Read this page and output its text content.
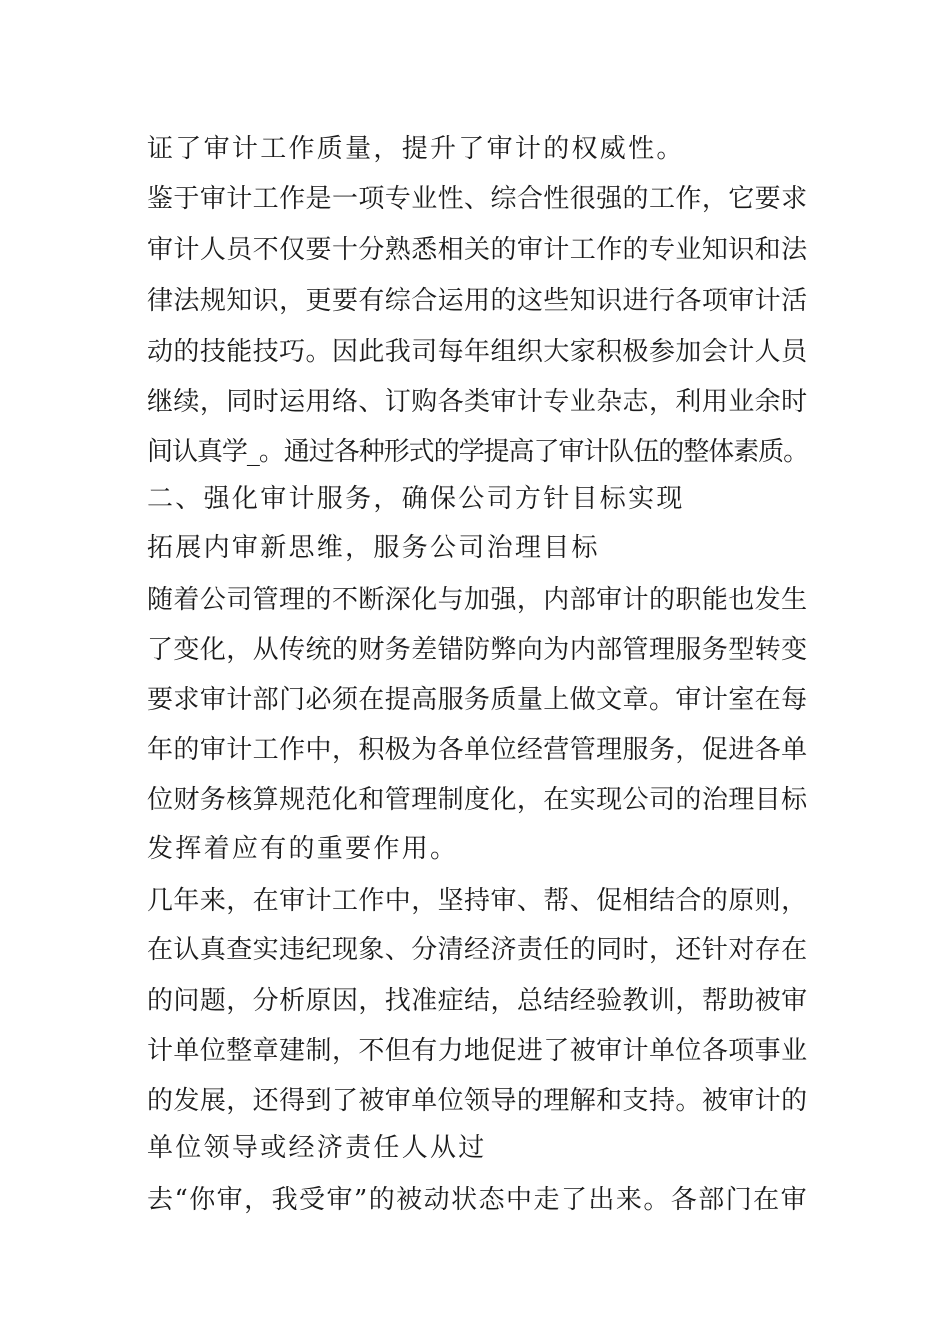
证了审计工作质量，提升了审计的权威性。
鉴于审计工作是一项专业性、综合性很强的工作，它要求
审计人员不仅要十分熟悉相关的审计工作的专业知识和法
律法规知识，更要有综合运用的这些知识进行各项审计活
动的技能技巧。因此我司每年组织大家积极参加会计人员
继续，同时运用络、订购各类审计专业杂志，利用业余时
间认真学_。通过各种形式的学提高了审计队伍的整体素质。
二、强化审计服务，确保公司方针目标实现
拓展内审新思维，服务公司治理目标
随着公司管理的不断深化与加强，内部审计的职能也发生
了变化，从传统的财务差错防弊向为内部管理服务型转变
要求审计部门必须在提高服务质量上做文章。审计室在每
年的审计工作中，积极为各单位经营管理服务，促进各单
位财务核算规范化和管理制度化，在实现公司的治理目标
发挥着应有的重要作用。
几年来，在审计工作中，坚持审、帮、促相结合的原则，
在认真查实违纪现象、分清经济责任的同时，还针对存在
的问题，分析原因，找准症结，总结经验教训，帮助被审
计单位整章建制，不但有力地促进了被审计单位各项事业
的发展，还得到了被审单位领导的理解和支持。被审计的
单位领导或经济责任人从过
去“你审，我受审”的被动状态中走了出来。各部门在审
